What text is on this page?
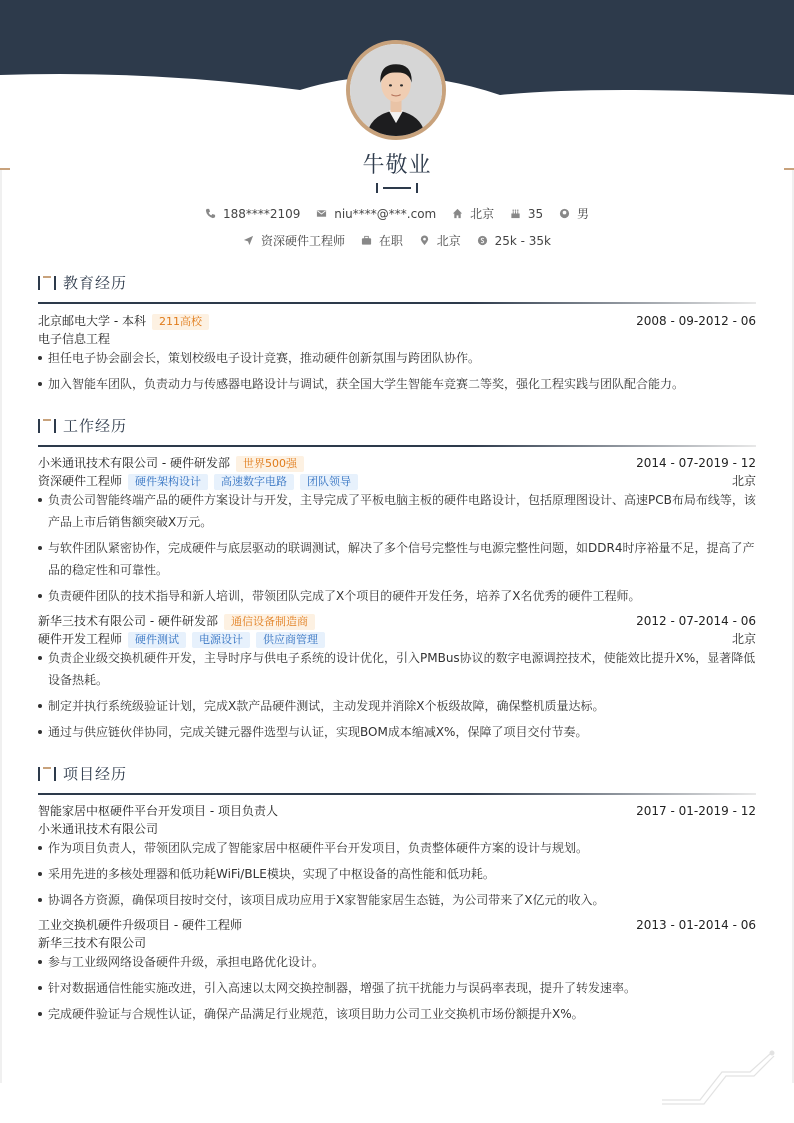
牛敬业
188****2109
	niu****@***.com
	北京
	35
	男
资深硬件工程师
	在职
	北京
	25k - 35k
教育经历
北京邮电大学 - 本科 211高校	2008 - 09-2012 - 06
电子信息工程
担任电子协会副会长，策划校级电子设计竞赛，推动硬件创新氛围与跨团队协作。
加入智能车团队，负责动力与传感器电路设计与调试，获全国大学生智能车竞赛二等奖，强化工程实践与团队配合能力。
工作经历
小米通讯技术有限公司 - 硬件研发部 世界500强	2014 - 07-2019 - 12
资深硬件工程师 硬件架构设计 高速数字电路 团队领导	北京
负责公司智能终端产品的硬件方案设计与开发，主导完成了平板电脑主板的硬件电路设计，包括原理图设计、高速PCB布局布线等，该
产品上市后销售额突破X万元。
与软件团队紧密协作，完成硬件与底层驱动的联调测试，解决了多个信号完整性与电源完整性问题，如DDR4时序裕量不足，提高了产
品的稳定性和可靠性。
负责硬件团队的技术指导和新人培训，带领团队完成了X个项目的硬件开发任务，培养了X名优秀的硬件工程师。
新华三技术有限公司 - 硬件研发部 通信设备制造商	2012 - 07-2014 - 06
硬件开发工程师 硬件测试 电源设计 供应商管理	北京
负责企业级交换机硬件开发，主导时序与供电子系统的设计优化，引入PMBus协议的数字电源调控技术，使能效比提升X%，显著降低
设备热耗。
制定并执行系统级验证计划，完成X款产品硬件测试，主动发现并消除X个板级故障，确保整机质量达标。
通过与供应链伙伴协同，完成关键元器件选型与认证，实现BOM成本缩减X%，保障了项目交付节奏。
项目经历
智能家居中枢硬件平台开发项目 - 项目负责人	2017 - 01-2019 - 12
小米通讯技术有限公司
作为项目负责人，带领团队完成了智能家居中枢硬件平台开发项目，负责整体硬件方案的设计与规划。
采用先进的多核处理器和低功耗WiFi/BLE模块，实现了中枢设备的高性能和低功耗。
协调各方资源，确保项目按时交付，该项目成功应用于X家智能家居生态链，为公司带来了X亿元的收入。
工业交换机硬件升级项目 - 硬件工程师	2013 - 01-2014 - 06
新华三技术有限公司
参与工业级网络设备硬件升级，承担电路优化设计。
针对数据通信性能实施改进，引入高速以太网交换控制器，增强了抗干扰能力与误码率表现，提升了转发速率。
完成硬件验证与合规性认证，确保产品满足行业规范，该项目助力公司工业交换机市场份额提升X%。
